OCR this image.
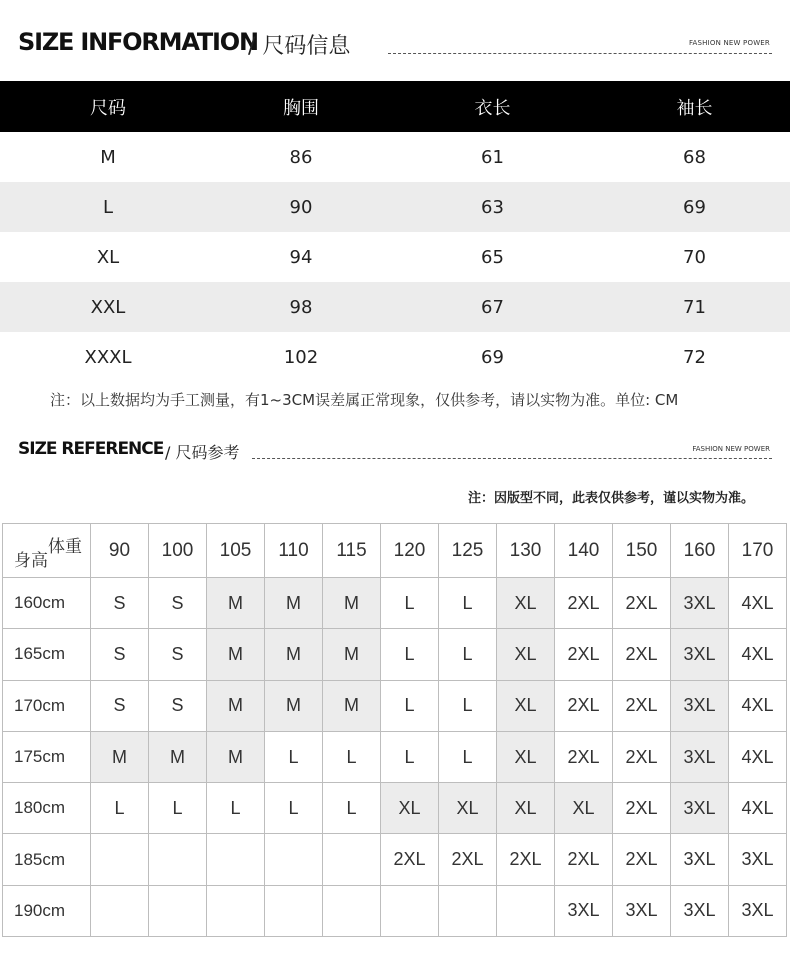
SIZE INFORMATION
/ 尺码信息	FASHION NEW POWER
尺码	胸围	衣长	袖长
M	86	61	68
L	90	63	69
XL	94	65	70
XXL	98	67	71
XXXL	102	69	72
注：以上数据均为手工测量，有1~3CM误差属正常现象，仅供参考，请以实物为准。单位: CM
SIZE REFERENCE / 尺码参考	FASHION NEW POWER
注：因版型不同，此表仅供参考，谨以实物为准。
体重
身高	90	100	105	110	115	120	125	130	140	150	160	170
160cm	S	S	M	M	M	L	L	XL	2XL	2XL	3XL	4XL
165cm	S	S	M	M	M	L	L	XL	2XL	2XL	3XL	4XL
170cm	S	S	M	M	M	L	L	XL	2XL	2XL	3XL	4XL
175cm	M	M	M	L	L	L	L	XL	2XL	2XL	3XL	4XL
180cm	L	L	L	L	L	XL	XL	XL	XL	2XL	3XL	4XL
185cm						2XL	2XL	2XL	2XL	2XL	3XL	3XL
190cm									3XL	3XL	3XL	3XL
